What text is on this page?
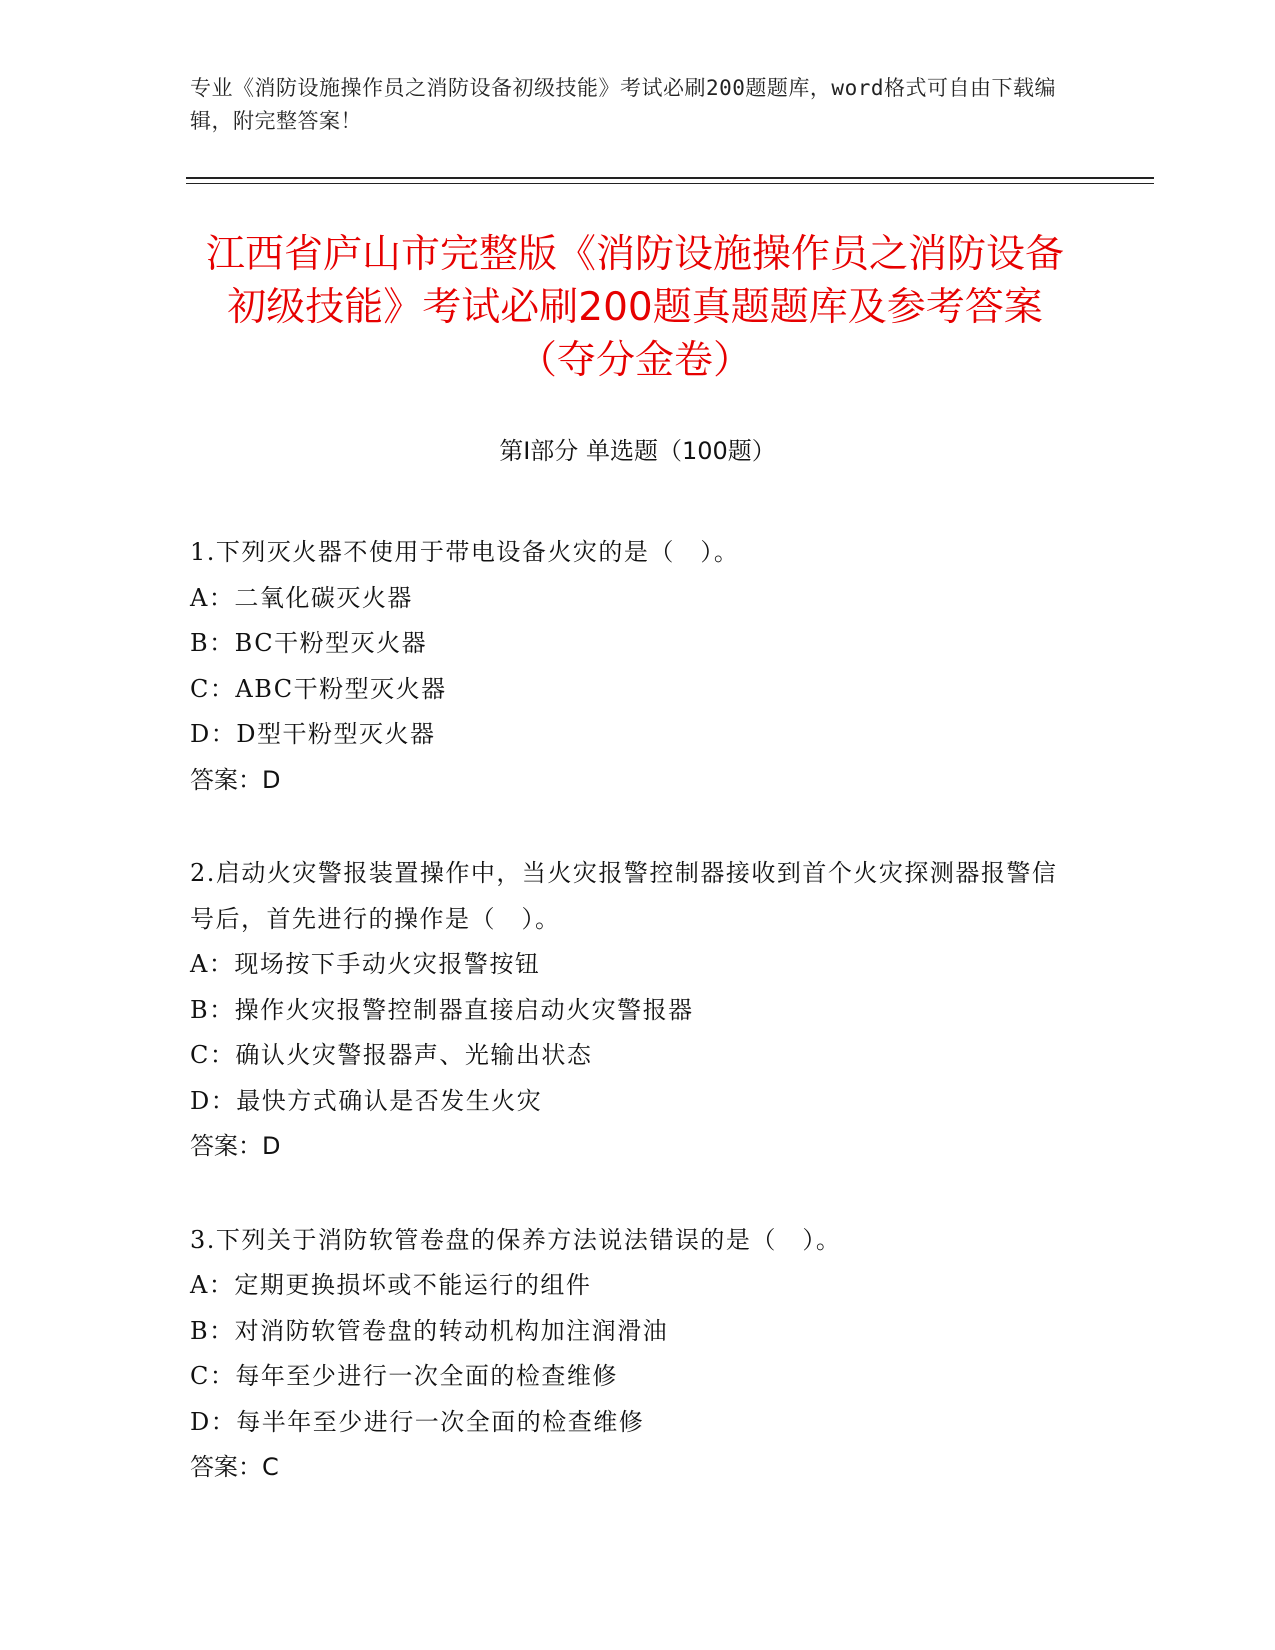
专业《消防设施操作员之消防设备初级技能》考试必刷200题题库，word格式可自由下载编辑，附完整答案！
江西省庐山市完整版《消防设施操作员之消防设备初级技能》考试必刷200题真题题库及参考答案（夺分金卷）
第Ⅰ部分 单选题（100题）
1.下列灭火器不使用于带电设备火灾的是（　）。
A：二氧化碳灭火器
B：BC干粉型灭火器
C：ABC干粉型灭火器
D：D型干粉型灭火器
答案：D
2.启动火灾警报装置操作中，当火灾报警控制器接收到首个火灾探测器报警信号后，首先进行的操作是（　）。
A：现场按下手动火灾报警按钮
B：操作火灾报警控制器直接启动火灾警报器
C：确认火灾警报器声、光输出状态
D：最快方式确认是否发生火灾
答案：D
3.下列关于消防软管卷盘的保养方法说法错误的是（　）。
A：定期更换损坏或不能运行的组件
B：对消防软管卷盘的转动机构加注润滑油
C：每年至少进行一次全面的检查维修
D：每半年至少进行一次全面的检查维修
答案：C
